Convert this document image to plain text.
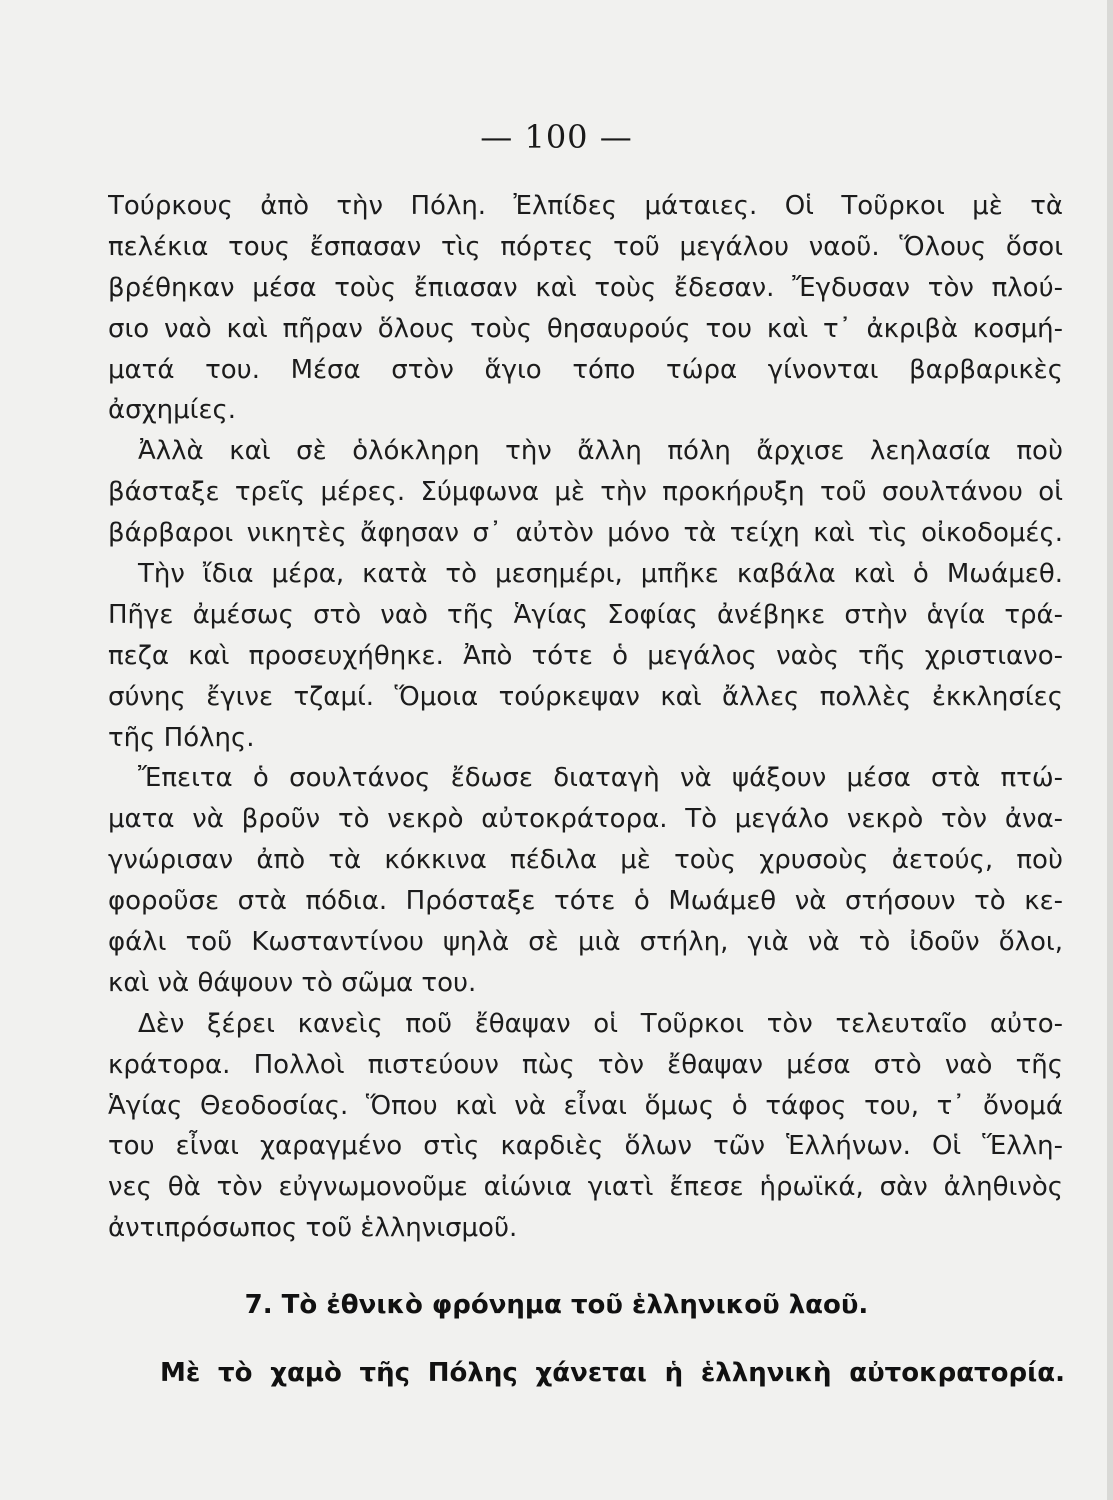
— 100 —
Τούρκους ἀπὸ τὴν Πόλη. Ἐλπίδες μάταιες. Οἱ Τοῦρκοι μὲ τὰ
πελέκια τους ἔσπασαν τὶς πόρτες τοῦ μεγάλου ναοῦ. Ὅλους ὅσοι
βρέθηκαν μέσα τοὺς ἔπιασαν καὶ τοὺς ἔδεσαν. Ἔγδυσαν τὸν πλού-
σιο ναὸ καὶ πῆραν ὅλους τοὺς θησαυρούς του καὶ τ᾽ ἀκριβὰ κοσμή-
ματά του. Μέσα στὸν ἅγιο τόπο τώρα γίνονται βαρβαρικὲς
ἀσχημίες.
Ἀλλὰ καὶ σὲ ὁλόκληρη τὴν ἄλλη πόλη ἄρχισε λεηλασία ποὺ
βάσταξε τρεῖς μέρες. Σύμφωνα μὲ τὴν προκήρυξη τοῦ σουλτάνου οἱ
βάρβαροι νικητὲς ἄφησαν σ᾽ αὐτὸν μόνο τὰ τείχη καὶ τὶς οἰκοδομές.
Τὴν ἴδια μέρα, κατὰ τὸ μεσημέρι, μπῆκε καβάλα καὶ ὁ Μωάμεθ.
Πῆγε ἀμέσως στὸ ναὸ τῆς Ἁγίας Σοφίας ἀνέβηκε στὴν ἁγία τρά-
πεζα καὶ προσευχήθηκε. Ἀπὸ τότε ὁ μεγάλος ναὸς τῆς χριστιανο-
σύνης ἔγινε τζαμί. Ὅμοια τούρκεψαν καὶ ἄλλες πολλὲς ἐκκλησίες
τῆς Πόλης.
Ἔπειτα ὁ σουλτάνος ἔδωσε διαταγὴ νὰ ψάξουν μέσα στὰ πτώ-
ματα νὰ βροῦν τὸ νεκρὸ αὐτοκράτορα. Τὸ μεγάλο νεκρὸ τὸν ἀνα-
γνώρισαν ἀπὸ τὰ κόκκινα πέδιλα μὲ τοὺς χρυσοὺς ἀετούς, ποὺ
φοροῦσε στὰ πόδια. Πρόσταξε τότε ὁ Μωάμεθ νὰ στήσουν τὸ κε-
φάλι τοῦ Κωσταντίνου ψηλὰ σὲ μιὰ στήλη, γιὰ νὰ τὸ ἰδοῦν ὅλοι,
καὶ νὰ θάψουν τὸ σῶμα του.
Δὲν ξέρει κανεὶς ποῦ ἔθαψαν οἱ Τοῦρκοι τὸν τελευταῖο αὐτο-
κράτορα. Πολλοὶ πιστεύουν πὼς τὸν ἔθαψαν μέσα στὸ ναὸ τῆς
Ἁγίας Θεοδοσίας. Ὅπου καὶ νὰ εἶναι ὅμως ὁ τάφος του, τ᾽ ὄνομά
του εἶναι χαραγμένο στὶς καρδιὲς ὅλων τῶν Ἑλλήνων. Οἱ Ἕλλη-
νες θὰ τὸν εὐγνωμονοῦμε αἰώνια γιατὶ ἔπεσε ἡρωϊκά, σὰν ἀληθινὸς
ἀντιπρόσωπος τοῦ ἑλληνισμοῦ.
7. Τὸ ἐθνικὸ φρόνημα τοῦ ἑλληνικοῦ λαοῦ.
Μὲ τὸ χαμὸ τῆς Πόλης χάνεται ἡ ἑλληνικὴ αὐτοκρατορία.
